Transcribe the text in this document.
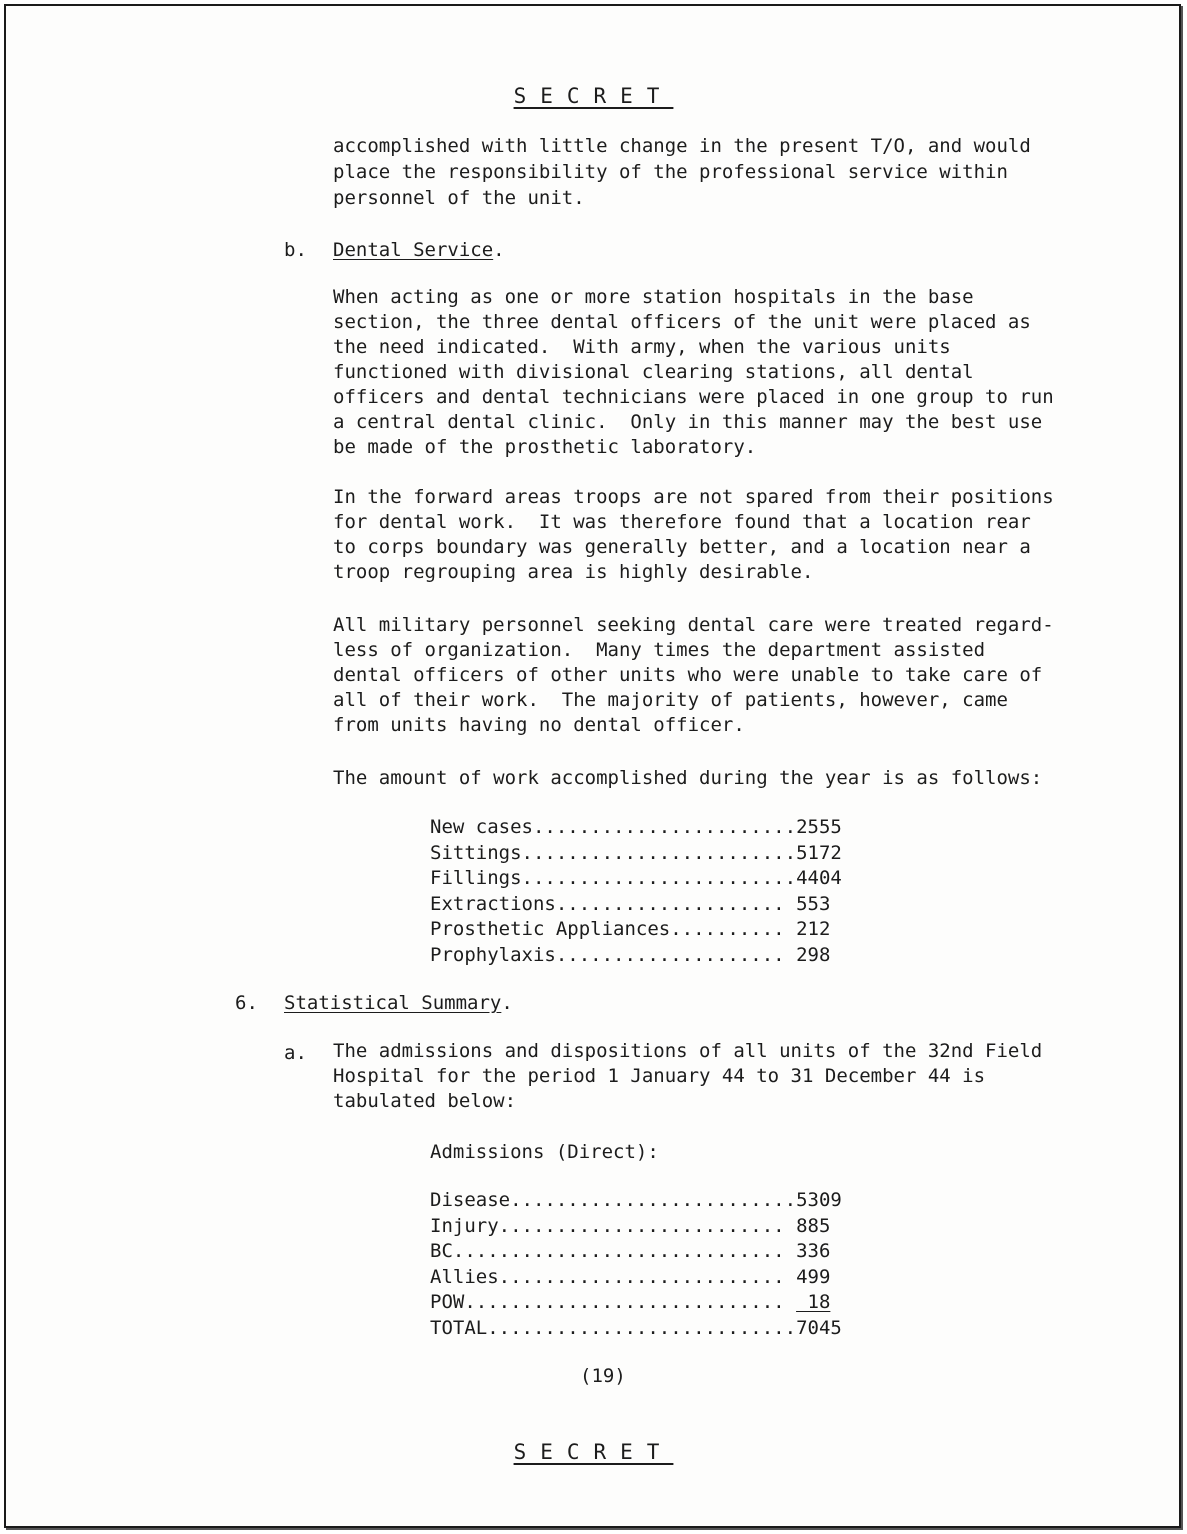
SECRET
accomplished with little change in the present T/O, and would
place the responsibility of the professional service within
personnel of the unit.
b. Dental Service.
When acting as one or more station hospitals in the base
section, the three dental officers of the unit were placed as
the need indicated.  With army, when the various units
functioned with divisional clearing stations, all dental
officers and dental technicians were placed in one group to run
a central dental clinic.  Only in this manner may the best use
be made of the prosthetic laboratory.
In the forward areas troops are not spared from their positions
for dental work.  It was therefore found that a location rear
to corps boundary was generally better, and a location near a
troop regrouping area is highly desirable.
All military personnel seeking dental care were treated regard-
less of organization.  Many times the department assisted
dental officers of other units who were unable to take care of
all of their work.  The majority of patients, however, came
from units having no dental officer.
The amount of work accomplished during the year is as follows:
New cases.......................2555
Sittings........................5172
Fillings........................4404
Extractions.................... 553
Prosthetic Appliances.......... 212
Prophylaxis.................... 298
6. Statistical Summary.
a. The admissions and dispositions of all units of the 32nd Field
Hospital for the period 1 January 44 to 31 December 44 is
tabulated below:
Admissions (Direct):
Disease.........................5309
Injury......................... 885
BC............................. 336
Allies......................... 499
POW............................  18
TOTAL...........................7045
(19)
SECRET
